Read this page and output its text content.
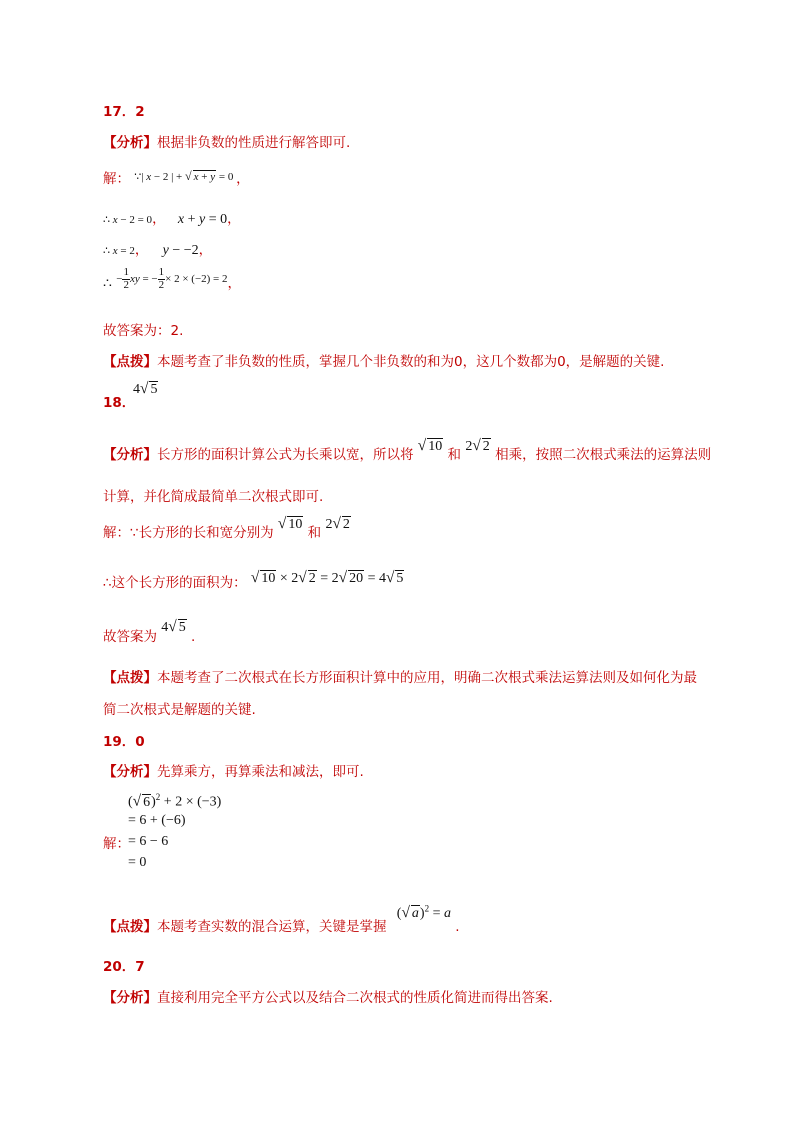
17．2
【分析】根据非负数的性质进行解答即可.
解： $^{\because| x - 2 | + √ x + y = 0}$ ，
∴ x − 2 = 0， x + y = 0，
∴ x = 2， y − −2，
∴ $^{- \frac{1}{2} xy = - \frac{1}{2} \times 2 \times (-2) = 2}$，
故答案为：2.
【点拨】本题考查了非负数的性质，掌握几个非负数的和为0，这几个数都为0，是解题的关键.
18．
4√ 5
【分析】长方形的面积计算公式为长乘以宽，所以将 √ 10 和 2√ 2 相乘，按照二次根式乘法的运算法则
计算，并化简成最简单二次根式即可.
解：∵长方形的长和宽分别为 √ 10 和 2√ 2
∴这个长方形的面积为： √ 10 × 2√ 2 = 2√ 20 = 4√ 5
故答案为 4√ 5 .
【点拨】本题考查了二次根式在长方形面积计算中的应用，明确二次根式乘法运算法则及如何化为最
简二次根式是解题的关键.
19．0
【分析】先算乘方，再算乘法和减法，即可.
解：
(√ 6)$^2$ + 2 × (−3)
= 6 + (−6)
= 6 − 6
= 0
【点拨】本题考查实数的混合运算，关键是掌握 (√ a)$^2$ = a .
20．7
【分析】直接利用完全平方公式以及结合二次根式的性质化简进而得出答案.
